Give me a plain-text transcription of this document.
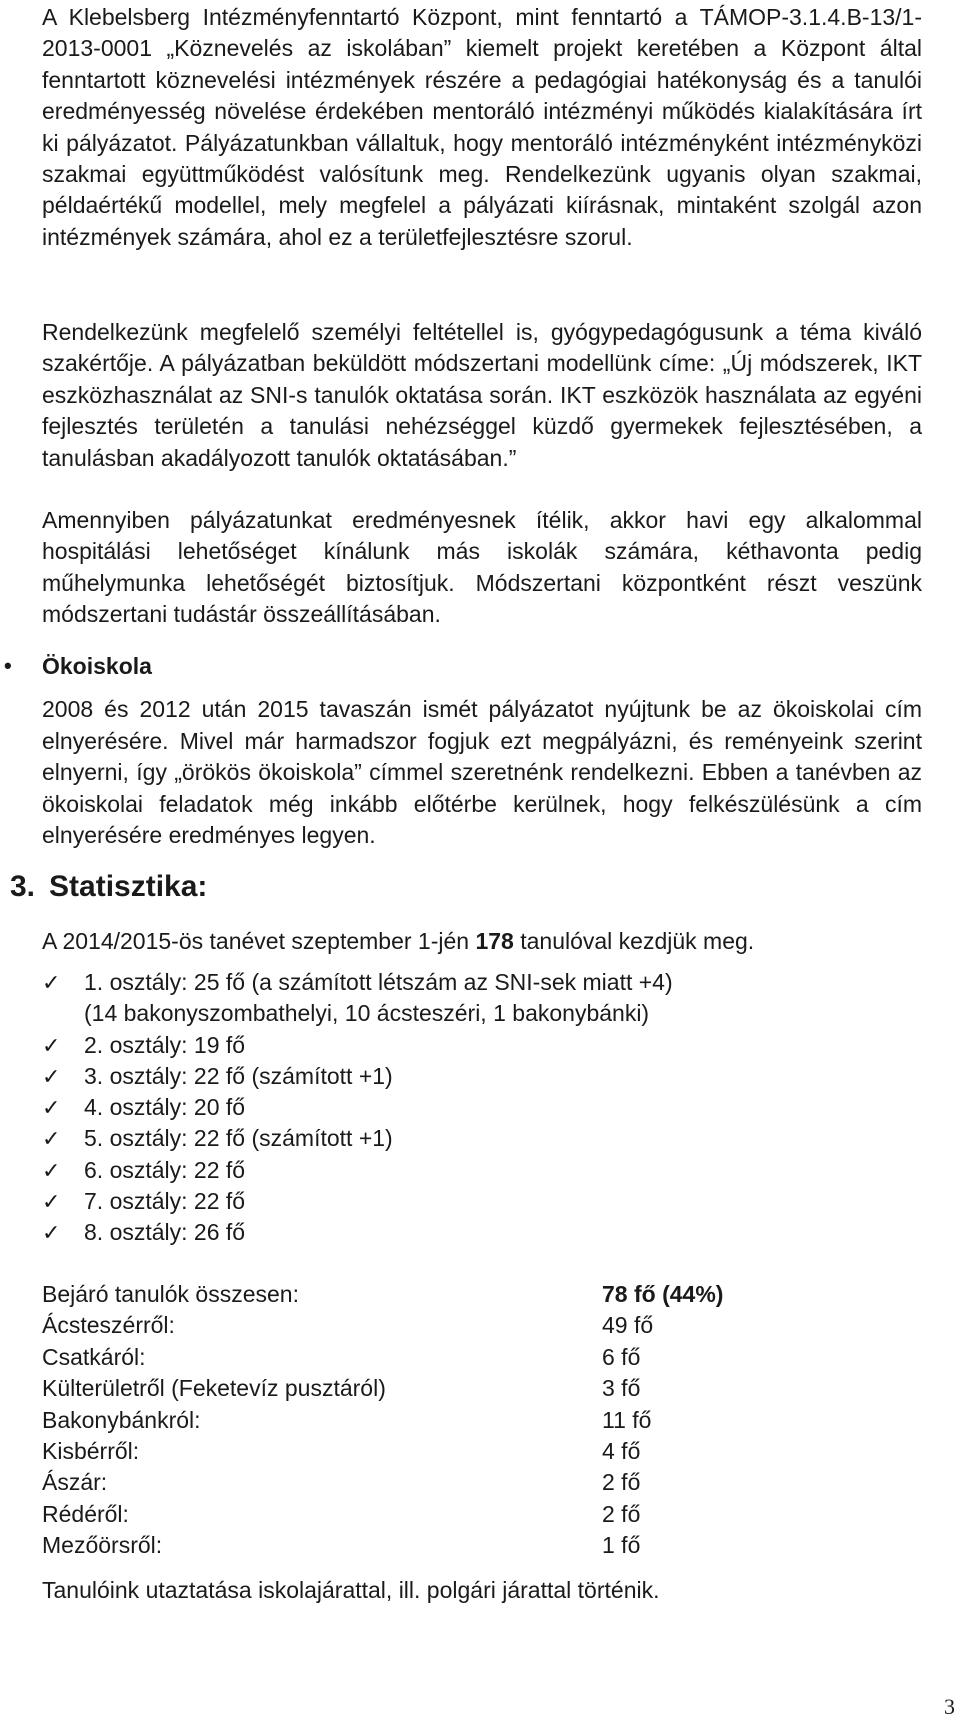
A Klebelsberg Intézményfenntartó Központ, mint fenntartó a TÁMOP-3.1.4.B-13/1-2013-0001 „Köznevelés az iskolában” kiemelt projekt keretében a Központ által fenntartott köznevelési intézmények részére a pedagógiai hatékonyság és a tanulói eredményesség növelése érdekében mentoráló intézményi működés kialakítására írt ki pályázatot. Pályázatunkban vállaltuk, hogy mentoráló intézményként intézményközi szakmai együttműködést valósítunk meg. Rendelkezünk ugyanis olyan szakmai, példaértékű modellel, mely megfelel a pályázati kiírásnak, mintaként szolgál azon intézmények számára, ahol ez a területfejlesztésre szorul.

Rendelkezünk megfelelő személyi feltétellel is, gyógypedagógusunk a téma kiváló szakértője. A pályázatban beküldött módszertani modellünk címe: „Új módszerek, IKT eszközhasználat az SNI-s tanulók oktatása során. IKT eszközök használata az egyéni fejlesztés területén a tanulási nehézséggel küzdő gyermekek fejlesztésében, a tanulásban akadályozott tanulók oktatásában.”

Amennyiben pályázatunkat eredményesnek ítélik, akkor havi egy alkalommal hospitálási lehetőséget kínálunk más iskolák számára, kéthavonta pedig műhelymunka lehetőségét biztosítjuk. Módszertani központként részt veszünk módszertani tudástár összeállításában.

•	Ökoiskola

2008 és 2012 után 2015 tavaszán ismét pályázatot nyújtunk be az ökoiskolai cím elnyerésére. Mivel már harmadszor fogjuk ezt megpályázni, és reményeink szerint elnyerni, így „örökös ökoiskola” címmel szeretnénk rendelkezni. Ebben a tanévben az ökoiskolai feladatok még inkább előtérbe kerülnek, hogy felkészülésünk a cím elnyerésére eredményes legyen.

3. Statisztika:
A 2014/2015-ös tanévet szeptember 1-jén 178 tanulóval kezdjük meg.
✓	1. osztály: 25 fő (a számított létszám az SNI-sek miatt +4)
(14 bakonyszombathelyi, 10 ácsteszéri, 1 bakonybánki)
✓	2. osztály: 19 fő
✓	3. osztály: 22 fő (számított +1)
✓	4. osztály: 20 fő
✓	5. osztály: 22 fő (számított +1)
✓	6. osztály: 22 fő
✓	7. osztály: 22 fő
✓	8. osztály: 26 fő
Bejáró tanulók összesen:	78 fő (44%)
Ácsteszérről:	49 fő
Csatkáról:	6 fő
Külterületről (Feketevíz pusztáról)	3 fő
Bakonybánkról:	11 fő
Kisbérről:	4 fő
Ászár:	2 fő
Rédéről:	2 fő
Mezőörsről:	1 fő
Tanulóink utaztatása iskolajárattal, ill. polgári járattal történik.
3
